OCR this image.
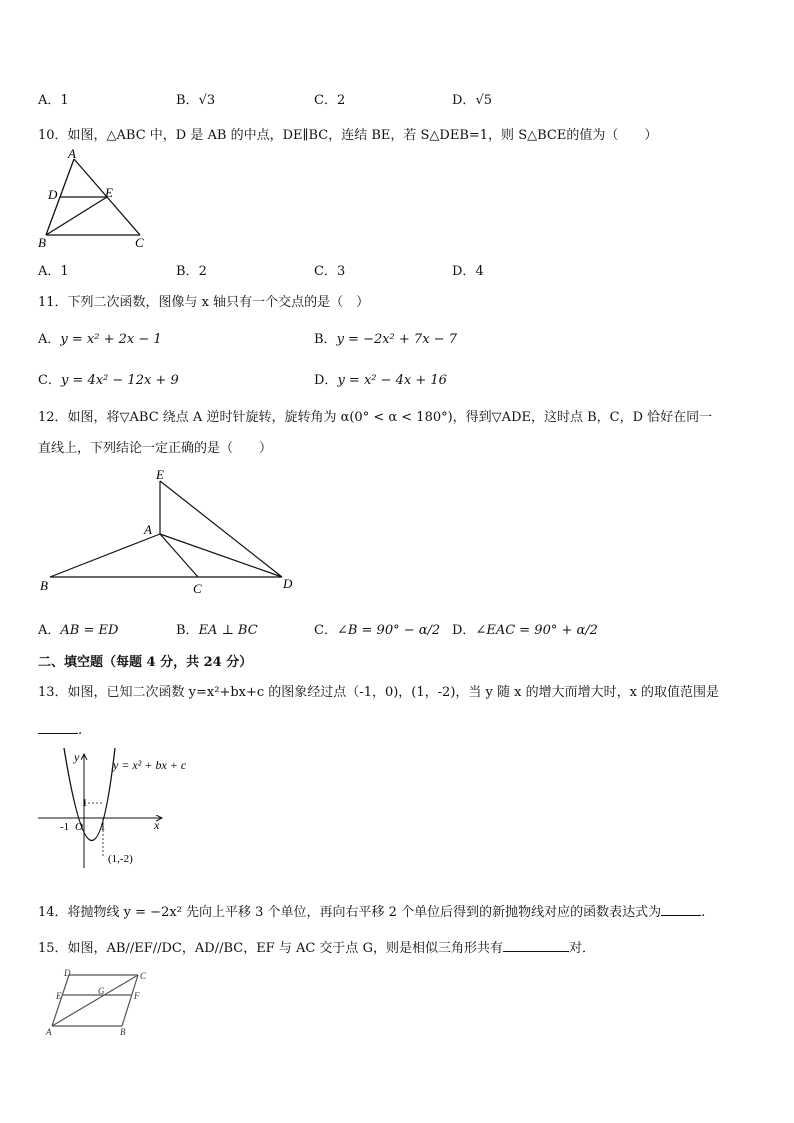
A．1	B．√3	C．2	D．√5
10．如图，△ABC 中，D 是 AB 的中点，DE∥BC，连结 BE，若 S△DEB=1，则 S△BCE的值为（　　）
A
D	E
B	C
A．1	B．2	C．3	D．4
11．下列二次函数，图像与 x 轴只有一个交点的是（　）
A．y = x² + 2x − 1	B．y = −2x² + 7x − 7
C．y = 4x² − 12x + 9	D．y = x² − 4x + 16
12．如图，将▽ABC 绕点 A 逆时针旋转，旋转角为 α(0° < α < 180°)，得到▽ADE，这时点 B，C，D 恰好在同一
直线上，下列结论一定正确的是（　　）
E
A
B	C	D
A．AB = ED	B．EA ⊥ BC	C．∠B = 90° − α/2 D．∠EAC = 90° + α/2
二、填空题（每题 4 分，共 24 分）
13．如图，已知二次函数 y=x²+bx+c 的图象经过点（-1，0)，(1，-2)，当 y 随 x 的增大而增大时，x 的取值范围是
.
y = x² + bx + c
y
x
1
-1 O 1
(1,-2)
14．将抛物线 y = −2x² 先向上平移 3 个单位，再向右平移 2 个单位后得到的新抛物线对应的函数表达式为	.
15．如图，AB//EF//DC，AD//BC，EF 与 AC 交于点 G，则是相似三角形共有	对．
D	C
E	G	F
A	B
